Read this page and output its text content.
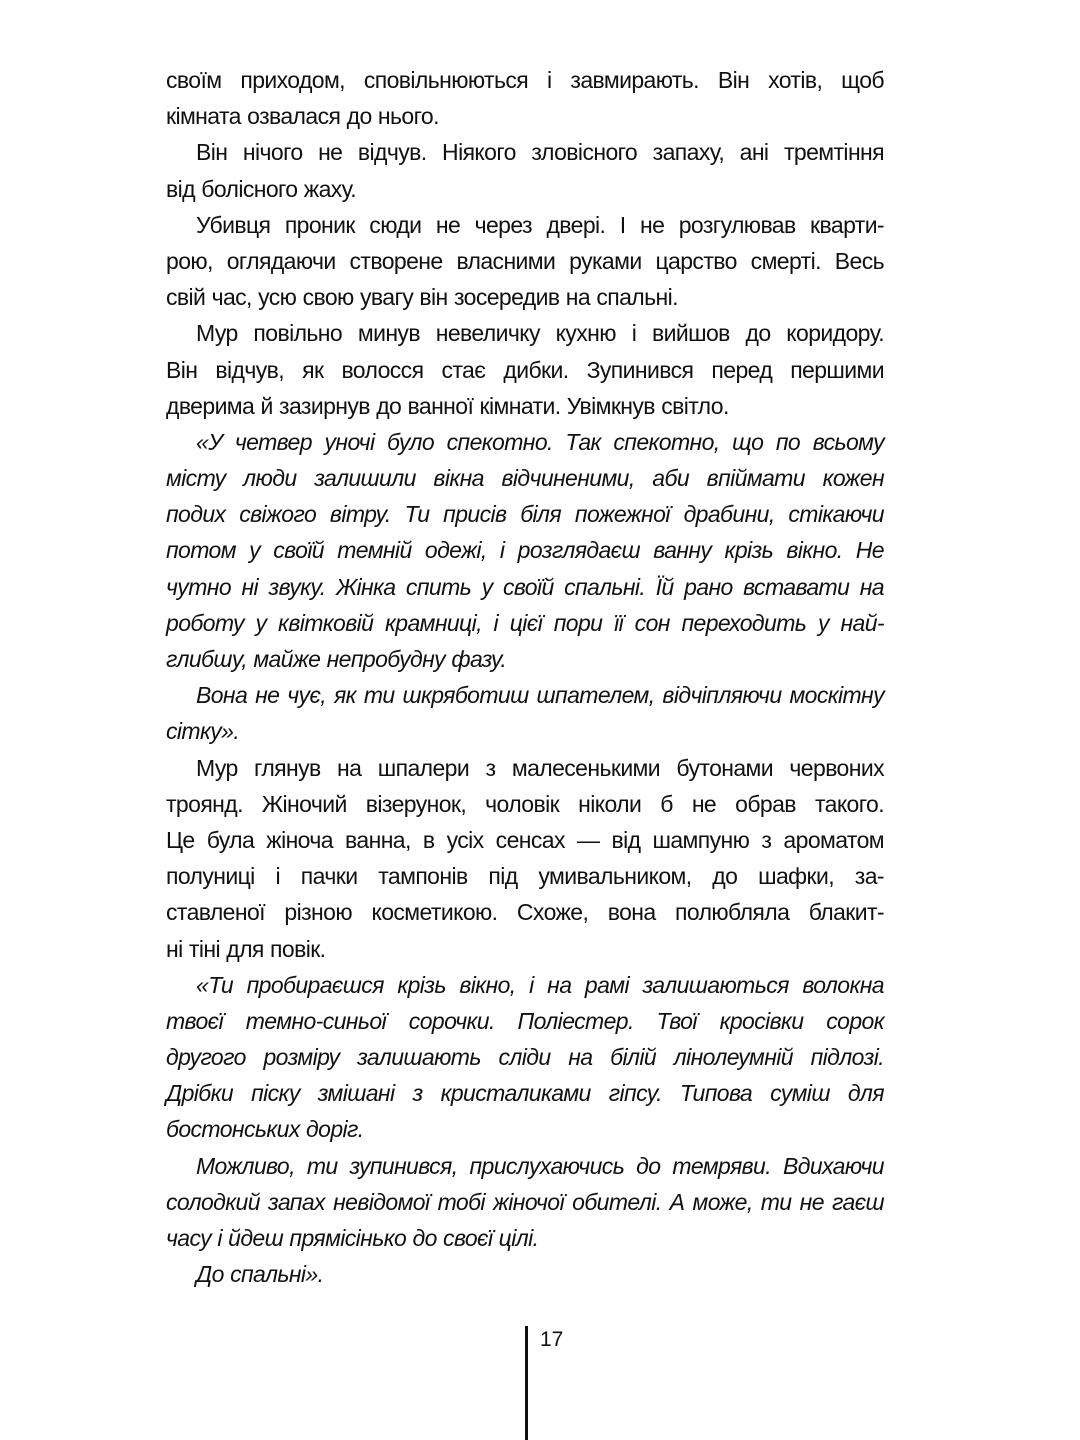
своїм приходом, сповільнюються і завмирають. Він хотів, щоб
кімната озвалася до нього.

Він нічого не відчув. Ніякого зловісного запаху, ані тремтіння
від болісного жаху.

Убивця проник сюди не через двері. І не розгулював кварти-
рою, оглядаючи створене власними руками царство смерті. Весь
свій час, усю свою увагу він зосередив на спальні.

Мур повільно минув невеличку кухню і вийшов до коридору.
Він відчув, як волосся стає дибки. Зупинився перед першими
дверима й зазирнув до ванної кімнати. Увімкнув світло.

«У четвер уночі було спекотно. Так спекотно, що по всьому
місту люди залишили вікна відчиненими, аби впіймати кожен
подих свіжого вітру. Ти присів біля пожежної драбини, стікаючи
потом у своїй темній одежі, і розглядаєш ванну крізь вікно. Не
чутно ні звуку. Жінка спить у своїй спальні. Їй рано вставати на
роботу у квітковій крамниці, і цієї пори її сон переходить у най-
глибшу, майже непробудну фазу.

Вона не чує, як ти шкряботиш шпателем, відчіпляючи москітну
сітку».

Мур глянув на шпалери з малесенькими бутонами червоних
троянд. Жіночий візерунок, чоловік ніколи б не обрав такого.
Це була жіноча ванна, в усіх сенсах — від шампуню з ароматом
полуниці і пачки тампонів під умивальником, до шафки, за-
ставленої різною косметикою. Схоже, вона полюбляла блакит-
ні тіні для повік.

«Ти пробираєшся крізь вікно, і на рамі залишаються волокна
твоєї темно-синьої сорочки. Поліестер. Твої кросівки сорок
другого розміру залишають сліди на білій лінолеумній підлозі.
Дрібки піску змішані з кристаликами гіпсу. Типова суміш для
бостонських доріг.

Можливо, ти зупинився, прислухаючись до темряви. Вдихаючи
солодкий запах невідомої тобі жіночої обителі. А може, ти не гаєш
часу і йдеш прямісінько до своєї цілі.

До спальні».

17
